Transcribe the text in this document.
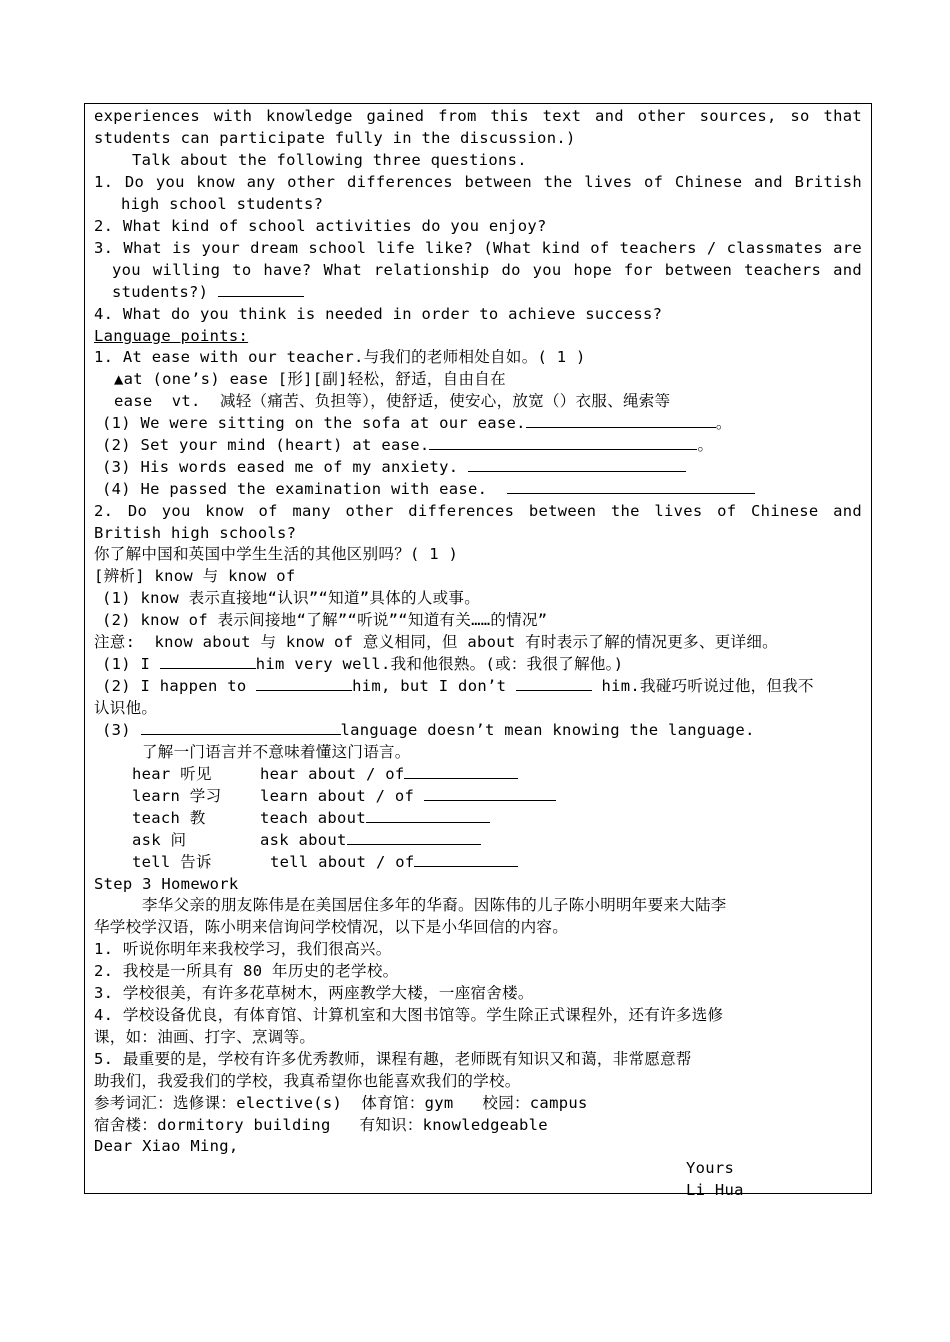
experiences with knowledge gained from this text and other sources, so that
students can participate fully in the discussion.)
Talk about the following three questions.
1. Do you know any other differences between the lives of Chinese and British
high school students?
2. What kind of school activities do you enjoy?
3. What is your dream school life like? (What kind of teachers / classmates are
you willing to have? What relationship do you hope for between teachers and
students?)
4. What do you think is needed in order to achieve success?
Language points:
1. At ease with our teacher.与我们的老师相处自如。( 1 )
▲at (one’s) ease [形][副]轻松，舒适，自由自在
ease  vt.  减轻（痛苦、负担等），使舒适，使安心，放宽（）衣服、绳索等
(1) We were sitting on the sofa at our ease.	。
(2) Set your mind (heart) at ease.	。
(3) His words eased me of my anxiety.
(4) He passed the examination with ease.
2. Do you know of many other differences between the lives of Chinese and
British high schools?
你了解中国和英国中学生生活的其他区别吗？( 1 )
[辨析] know 与 know of
(1) know 表示直接地“认识”“知道”具体的人或事。
(2) know of 表示间接地“了解”“听说”“知道有关……的情况”
注意:  know about 与 know of 意义相同，但 about 有时表示了解的情况更多、更详细。
(1) I	him very well.我和他很熟。(或：我很了解他。)
(2) I happen to	him, but I don’t	him.我碰巧听说过他，但我不
认识他。
(3)	language doesn’t mean knowing the language.
了解一门语言并不意味着懂这门语言。
hear 听见	hear about / of
learn 学习 learn about / of
teach 教	teach about
ask 问	ask about
tell 告诉	tell about / of
Step 3 Homework
李华父亲的朋友陈伟是在美国居住多年的华裔。因陈伟的儿子陈小明明年要来大陆李
华学校学汉语，陈小明来信询问学校情况，以下是小华回信的内容。
1. 听说你明年来我校学习，我们很高兴。
2. 我校是一所具有 80 年历史的老学校。
3. 学校很美，有许多花草树木，两座教学大楼，一座宿舍楼。
4. 学校设备优良，有体育馆、计算机室和大图书馆等。学生除正式课程外，还有许多选修
课，如：油画、打字、烹调等。
5. 最重要的是，学校有许多优秀教师，课程有趣，老师既有知识又和蔼，非常愿意帮
助我们，我爱我们的学校，我真希望你也能喜欢我们的学校。
参考词汇：选修课：elective(s)  体育馆：gym   校园：campus
宿舍楼：dormitory building   有知识：knowledgeable
Dear Xiao Ming,
Yours
Li Hua
